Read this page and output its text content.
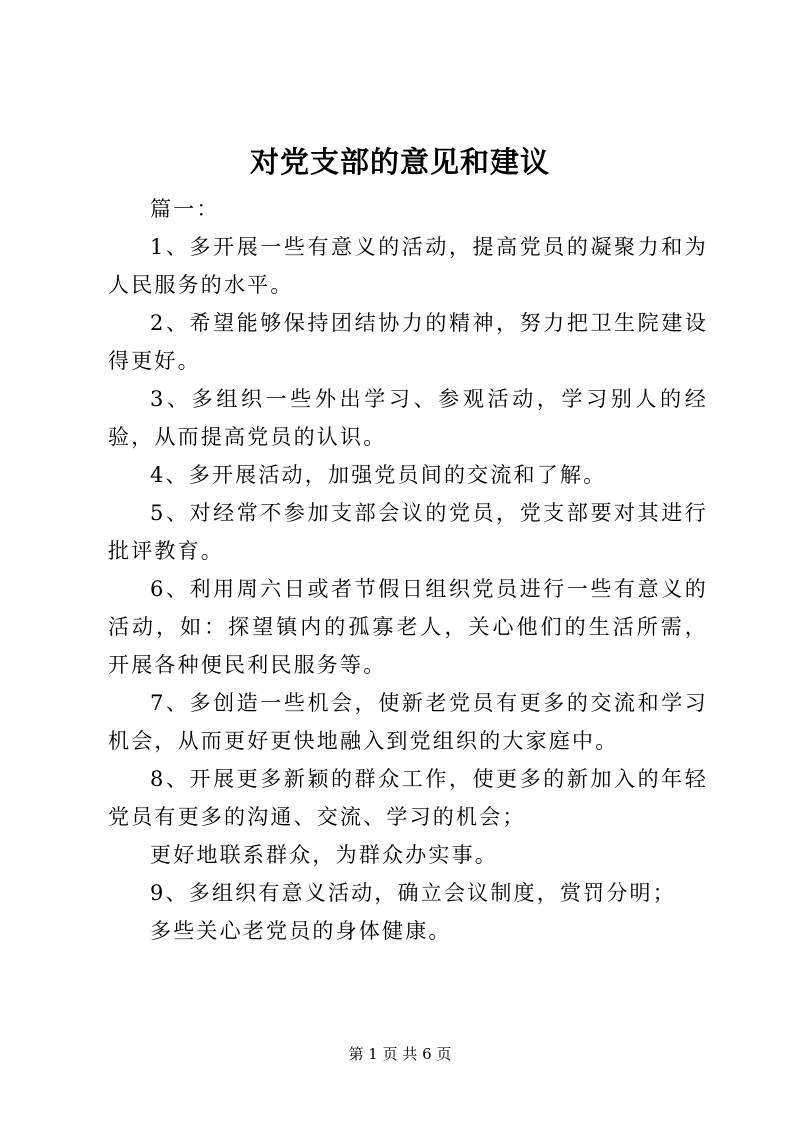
对党支部的意见和建议

篇一：

1、多开展一些有意义的活动，提高党员的凝聚力和为人民服务的水平。

2、希望能够保持团结协力的精神，努力把卫生院建设得更好。

3、多组织一些外出学习、参观活动，学习别人的经验，从而提高党员的认识。

4、多开展活动，加强党员间的交流和了解。

5、对经常不参加支部会议的党员，党支部要对其进行批评教育。

6、利用周六日或者节假日组织党员进行一些有意义的活动，如：探望镇内的孤寡老人，关心他们的生活所需，开展各种便民利民服务等。

7、多创造一些机会，使新老党员有更多的交流和学习机会，从而更好更快地融入到党组织的大家庭中。

8、开展更多新颖的群众工作，使更多的新加入的年轻党员有更多的沟通、交流、学习的机会；

更好地联系群众，为群众办实事。

9、多组织有意义活动，确立会议制度，赏罚分明；

多些关心老党员的身体健康。

第 1 页 共 6 页
